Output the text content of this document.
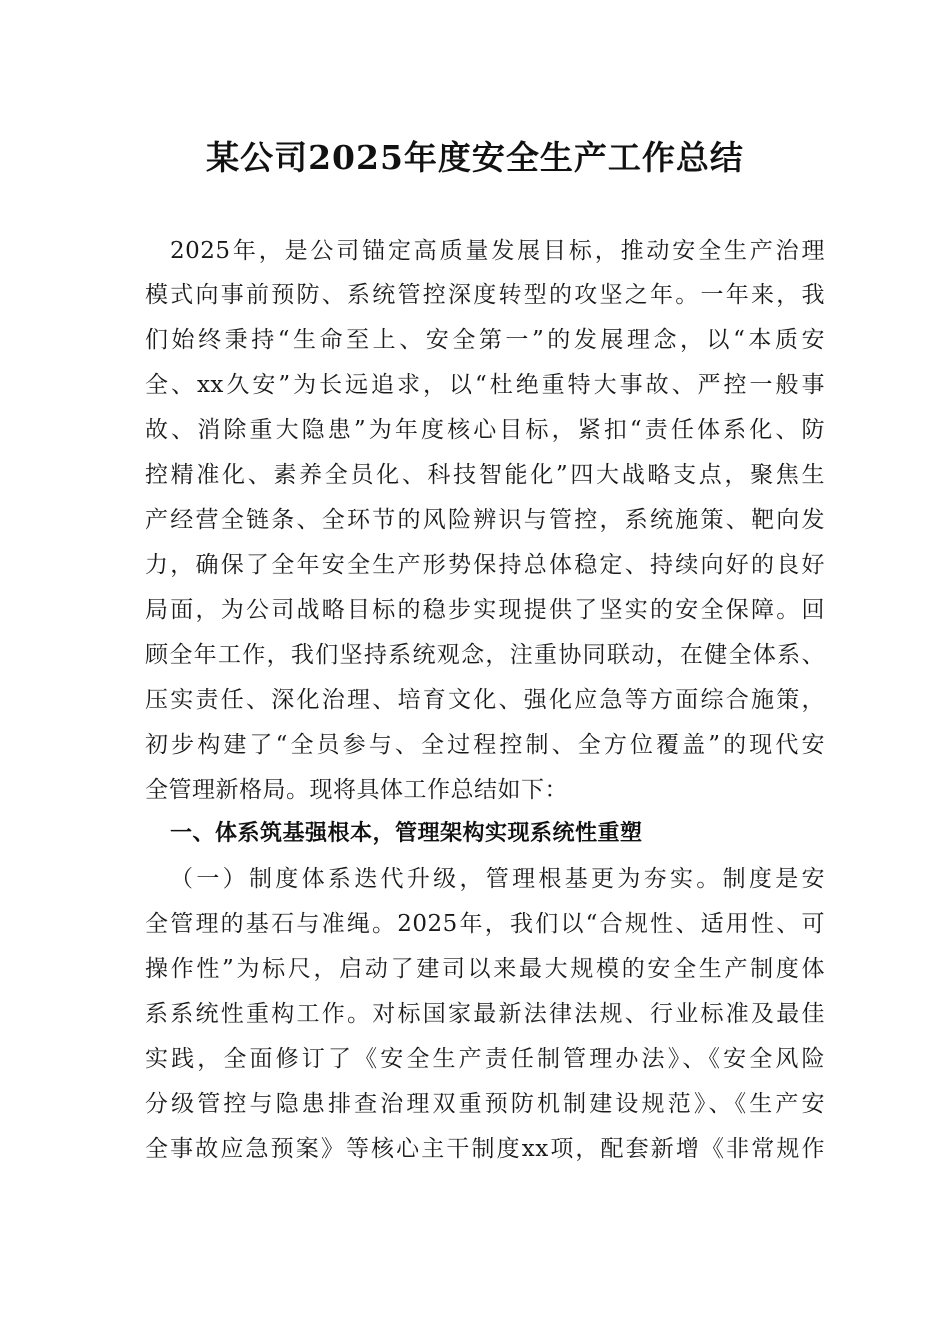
某公司2025年度安全生产工作总结
2025年，是公司锚定高质量发展目标，推动安全生产治理
模式向事前预防、系统管控深度转型的攻坚之年。一年来，我
们始终秉持“生命至上、安全第一”的发展理念，以“本质安
全、xx久安”为长远追求，以“杜绝重特大事故、严控一般事
故、消除重大隐患”为年度核心目标，紧扣“责任体系化、防
控精准化、素养全员化、科技智能化”四大战略支点，聚焦生
产经营全链条、全环节的风险辨识与管控，系统施策、靶向发
力，确保了全年安全生产形势保持总体稳定、持续向好的良好
局面，为公司战略目标的稳步实现提供了坚实的安全保障。回
顾全年工作，我们坚持系统观念，注重协同联动，在健全体系、
压实责任、深化治理、培育文化、强化应急等方面综合施策，
初步构建了“全员参与、全过程控制、全方位覆盖”的现代安
全管理新格局。现将具体工作总结如下：
一、体系筑基强根本，管理架构实现系统性重塑
（一）制度体系迭代升级，管理根基更为夯实。制度是安
全管理的基石与准绳。2025年，我们以“合规性、适用性、可
操作性”为标尺，启动了建司以来最大规模的安全生产制度体
系系统性重构工作。对标国家最新法律法规、行业标准及最佳
实践，全面修订了《安全生产责任制管理办法》、《安全风险
分级管控与隐患排查治理双重预防机制建设规范》、《生产安
全事故应急预案》等核心主干制度xx项，配套新增《非常规作
